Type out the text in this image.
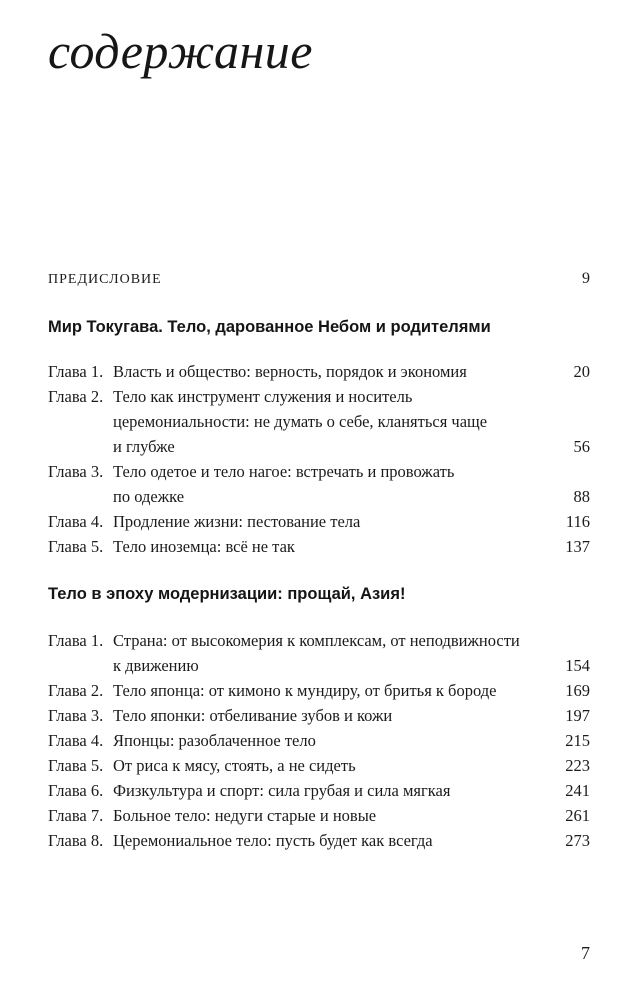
содержание
ПРЕДИСЛОВИЕ	9
Мир Токугава. Тело, дарованное Небом и родителями
Глава 1. Власть и общество: верность, порядок и экономия	20
Глава 2. Тело как инструмент служения и носитель
церемониальности: не думать о себе, кланяться чаще
и глубже	56
Глава 3. Тело одетое и тело нагое: встречать и провожать
по одежке	88
Глава 4. Продление жизни: пестование тела	116
Глава 5. Тело иноземца: всё не так	137
Тело в эпоху модернизации: прощай, Азия!
Глава 1. Страна: от высокомерия к комплексам, от неподвижности
к движению	154
Глава 2. Тело японца: от кимоно к мундиру, от бритья к бороде	169
Глава 3. Тело японки: отбеливание зубов и кожи	197
Глава 4. Японцы: разоблаченное тело	215
Глава 5. От риса к мясу, стоять, а не сидеть	223
Глава 6. Физкультура и спорт: сила грубая и сила мягкая	241
Глава 7. Больное тело: недуги старые и новые	261
Глава 8. Церемониальное тело: пусть будет как всегда	273
7
